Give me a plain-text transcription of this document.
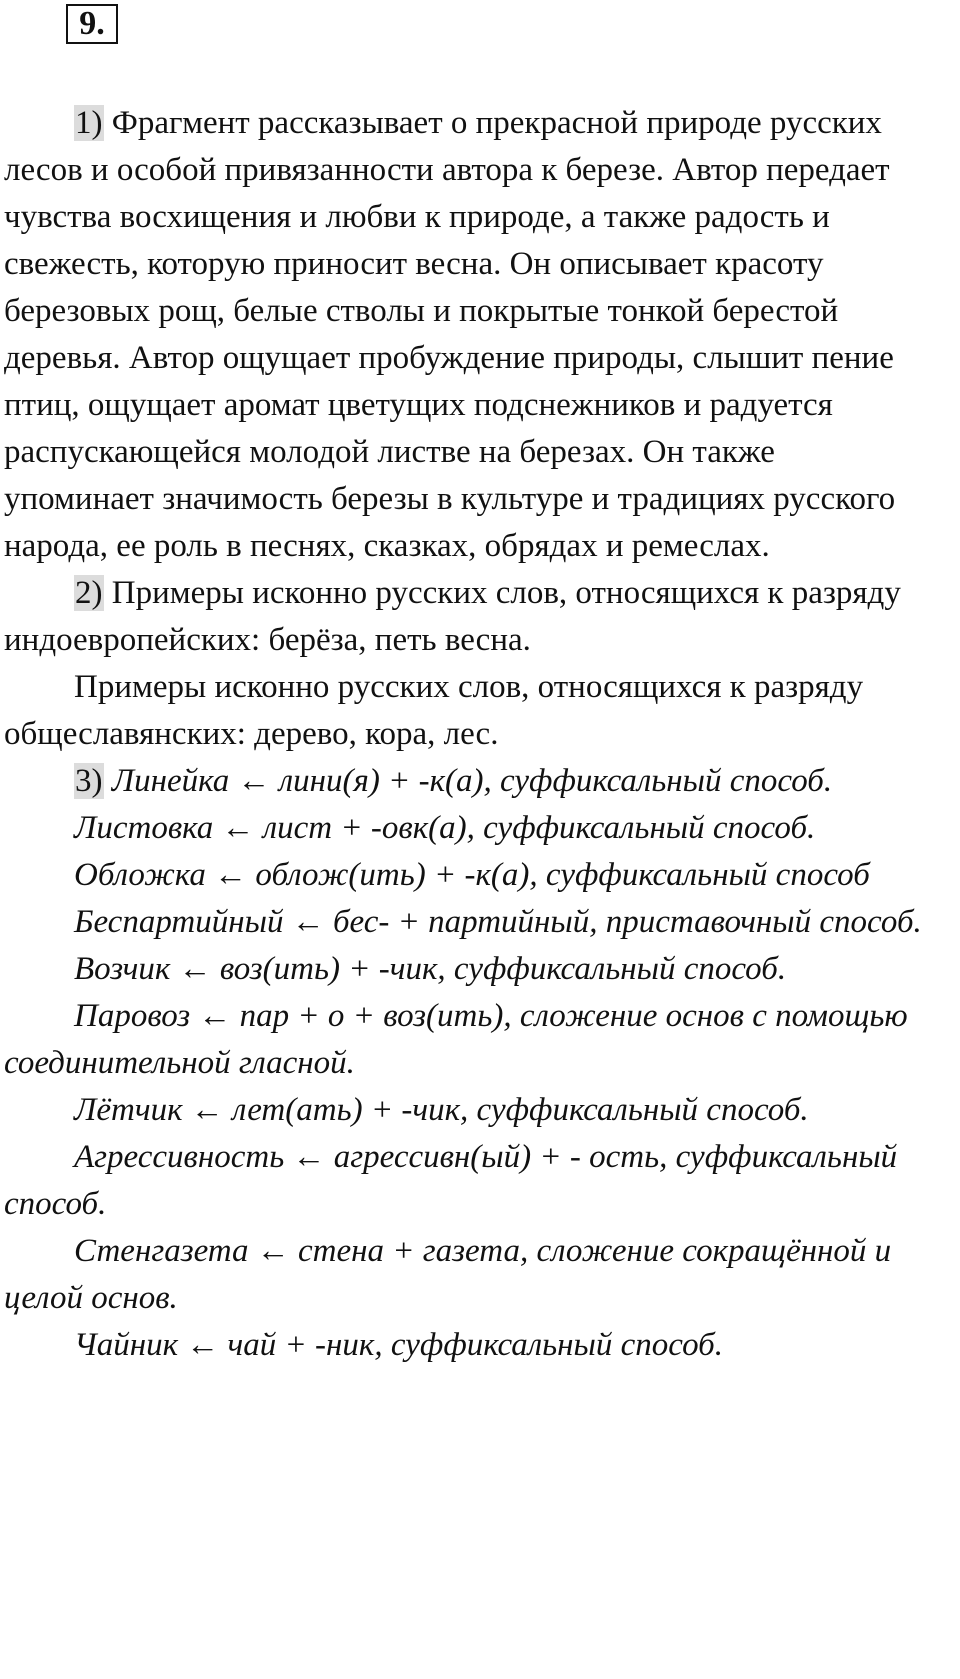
9.

1) Фрагмент рассказывает о прекрасной природе русских лесов и особой привязанности автора к березе. Автор передает чувства восхищения и любви к природе, а также радость и свежесть, которую приносит весна. Он описывает красоту березовых рощ, белые стволы и покрытые тонкой берестой деревья. Автор ощущает пробуждение природы, слышит пение птиц, ощущает аромат цветущих подснежников и радуется распускающейся молодой листве на березах. Он также упоминает значимость березы в культуре и традициях русского народа, ее роль в песнях, сказках, обрядах и ремеслах.

2) Примеры исконно русских слов, относящихся к разряду индоевропейских: берёза, петь весна.

Примеры исконно русских слов, относящихся к разряду общеславянских: дерево, кора, лес.

3) Линейка ← лини(я) + -к(а), суффиксальный способ.

Листовка ← лист + -овк(а), суффиксальный способ.

Обложка ← облож(ить) + -к(а), суффиксальный способ

Беспартийный ← бес- + партийный, приставочный способ.

Возчик ← воз(ить) + -чик, суффиксальный способ.

Паровоз ← пар + о + воз(ить), сложение основ с помощью соединительной гласной.

Лётчик ← лет(ать) + -чик, суффиксальный способ.

Агрессивность ← агрессивн(ый) + - ость, суффиксальный способ.

Стенгазета ← стена + газета, сложение сокращённой и целой основ.

Чайник ← чай + -ник, суффиксальный способ.
